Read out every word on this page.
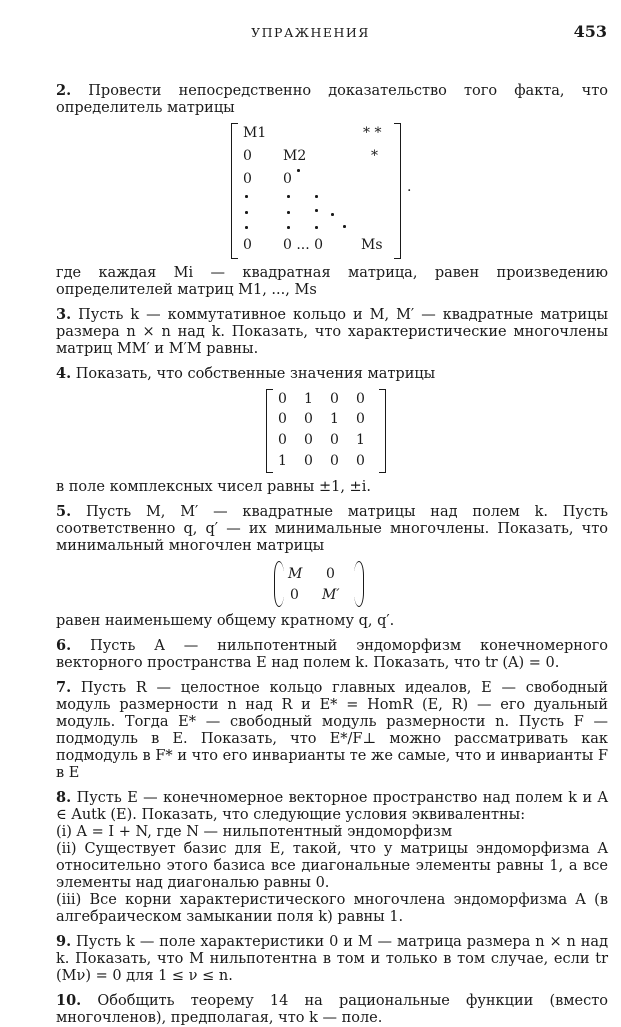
УПРАЖНЕНИЯ	453

2. Провести непосредственно доказательство того факта, что определитель матрицы

M1	* *
0 M2	*
0 0
0 0 ... 0	Ms
.

где каждая Mi — квадратная матрица, равен произведению определителей матриц M1, ..., Ms

3. Пусть k — коммутативное кольцо и M, M′ — квадратные матрицы размера n × n над k. Показать, что характеристические многочлены матриц MM′ и M′M равны.

4. Показать, что собственные значения матрицы

0 1 0 0
0 0 1 0
0 0 0 1
1 0 0 0

в поле комплексных чисел равны ±1, ±i.

5. Пусть M, M′ — квадратные матрицы над полем k. Пусть соответственно q, q′ — их минимальные многочлены. Показать, что минимальный многочлен матрицы

M 0
0 M′

равен наименьшему общему кратному q, q′.

6. Пусть A — нильпотентный эндоморфизм конечномерного векторного пространства E над полем k. Показать, что tr (A) = 0.

7. Пусть R — целостное кольцо главных идеалов, E — свободный модуль размерности n над R и E* = HomR (E, R) — его дуальный модуль. Тогда E* — свободный модуль размерности n. Пусть F — подмодуль в E. Показать, что E*/F⊥ можно рассматривать как подмодуль в F* и что его инварианты те же самые, что и инварианты F в E

8. Пусть E — конечномерное векторное пространство над полем k и A ∈ Autk (E). Показать, что следующие условия эквивалентны:

(i) A = I + N, где N — нильпотентный эндоморфизм

(ii) Существует базис для E, такой, что у матрицы эндоморфизма A относительно этого базиса все диагональные элементы равны 1, а все элементы над диагональю равны 0.

(iii) Все корни характеристического многочлена эндоморфизма A (в алгебраическом замыкании поля k) равны 1.

9. Пусть k — поле характеристики 0 и M — матрица размера n × n над k. Показать, что M нильпотентна в том и только в том случае, если tr (Mν) = 0 для 1 ≤ ν ≤ n.

10. Обобщить теорему 14 на рациональные функции (вместо многочленов), предполагая, что k — поле.
